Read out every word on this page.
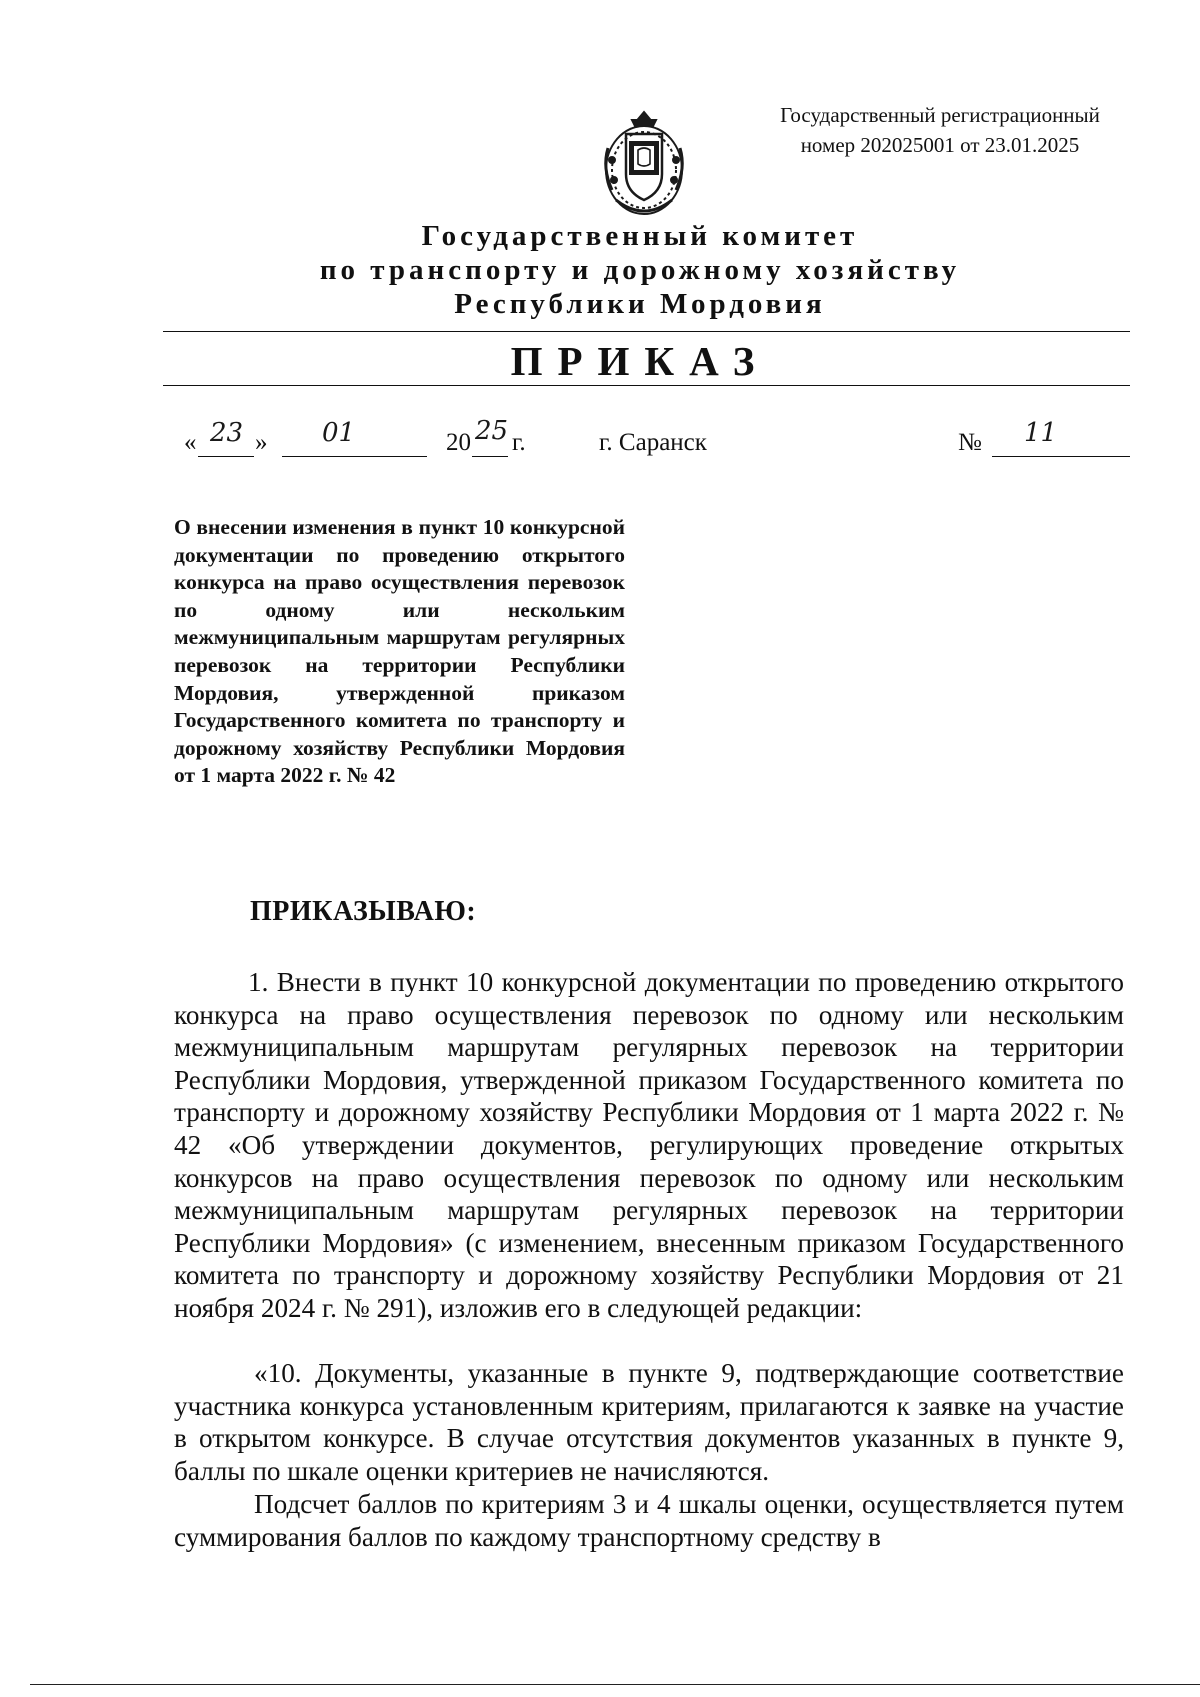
Государственный регистрационный
номер 202025001 от 23.01.2025
Государственный комитет
по транспорту и дорожному хозяйству
Республики Мордовия
ПРИКАЗ
« 23 » 01	20 25 г.	г. Саранск	№ 11
О внесении изменения в пункт 10 конкурсной документации по проведению открытого конкурса на право осуществления перевозок по одному или нескольким межмуниципальным маршрутам регулярных перевозок на территории Республики Мордовия, утвержденной приказом Государственного комитета по транспорту и дорожному хозяйству Республики Мордовия от 1 марта 2022 г. № 42
ПРИКАЗЫВАЮ:
1. Внести в пункт 10 конкурсной документации по проведению открытого конкурса на право осуществления перевозок по одному или нескольким межмуниципальным маршрутам регулярных перевозок на территории Республики Мордовия, утвержденной приказом Государственного комитета по транспорту и дорожному хозяйству Республики Мордовия от 1 марта 2022 г. № 42 «Об утверждении документов, регулирующих проведение открытых конкурсов на право осуществления перевозок по одному или нескольким межмуниципальным маршрутам регулярных перевозок на территории Республики Мордовия» (с изменением, внесенным приказом Государственного комитета по транспорту и дорожному хозяйству Республики Мордовия от 21 ноября 2024 г. № 291), изложив его в следующей редакции:
«10. Документы, указанные в пункте 9, подтверждающие соответствие участника конкурса установленным критериям, прилагаются к заявке на участие в открытом конкурсе. В случае отсутствия документов указанных в пункте 9, баллы по шкале оценки критериев не начисляются.
Подсчет баллов по критериям 3 и 4 шкалы оценки, осуществляется путем суммирования баллов по каждому транспортному средству в
